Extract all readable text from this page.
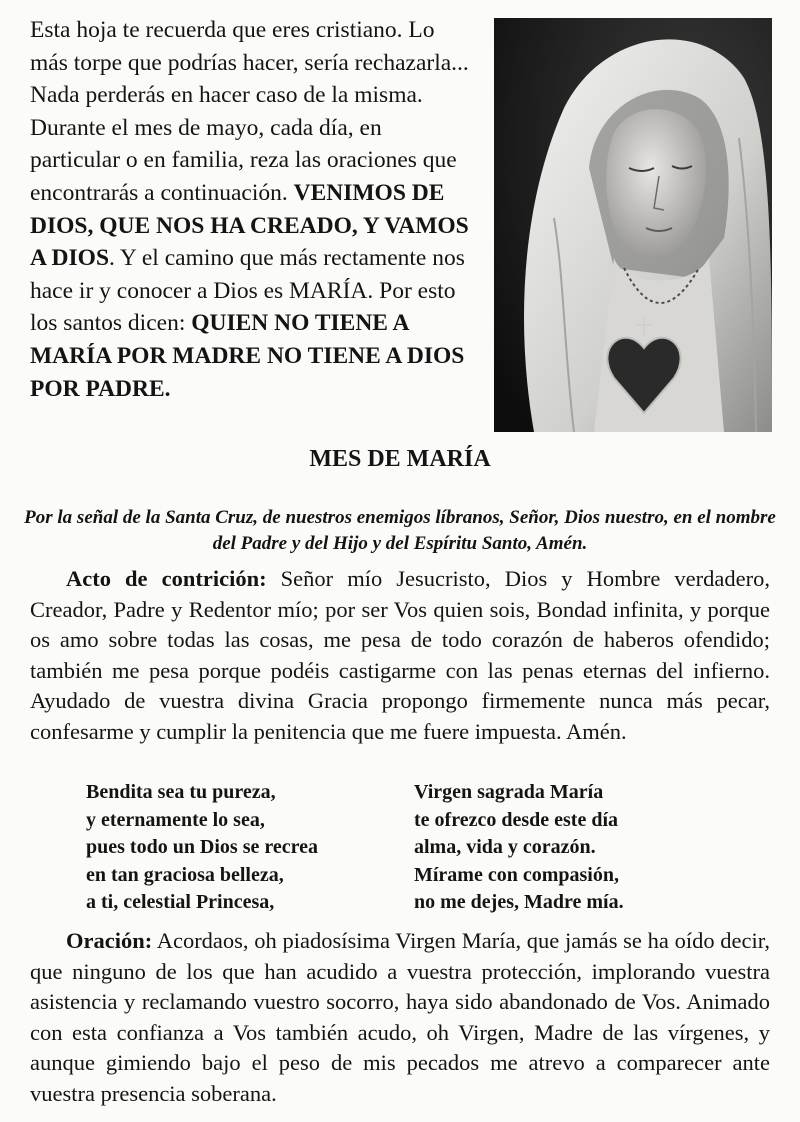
Esta hoja te recuerda que eres cristiano. Lo más torpe que podrías hacer, sería rechazarla... Nada perderás en hacer caso de la misma. Durante el mes de mayo, cada día, en particular o en familia, reza las oraciones que encontrarás a continuación. VENIMOS DE DIOS, QUE NOS HA CREADO, Y VAMOS A DIOS. Y el camino que más rectamente nos hace ir y conocer a Dios es MARÍA. Por esto los santos dicen: QUIEN NO TIENE A MARÍA POR MADRE NO TIENE A DIOS POR PADRE.

MES DE MARÍA

Por la señal de la Santa Cruz, de nuestros enemigos líbranos, Señor, Dios nuestro, en el nombre del Padre y del Hijo y del Espíritu Santo, Amén.

Acto de contrición: Señor mío Jesucristo, Dios y Hombre verdadero, Creador, Padre y Redentor mío; por ser Vos quien sois, Bondad infinita, y porque os amo sobre todas las cosas, me pesa de todo corazón de haberos ofendido; también me pesa porque podéis castigarme con las penas eternas del infierno. Ayudado de vuestra divina Gracia propongo firmemente nunca más pecar, confesarme y cumplir la penitencia que me fuere impuesta. Amén.

Bendita sea tu pureza,
y eternamente lo sea,
pues todo un Dios se recrea
en tan graciosa belleza,
a ti, celestial Princesa,
Virgen sagrada María
te ofrezco desde este día
alma, vida y corazón.
Mírame con compasión,
no me dejes, Madre mía.

Oración: Acordaos, oh piadosísima Virgen María, que jamás se ha oído decir, que ninguno de los que han acudido a vuestra protección, implorando vuestra asistencia y reclamando vuestro socorro, haya sido abandonado de Vos. Animado con esta confianza a Vos también acudo, oh Virgen, Madre de las vírgenes, y aunque gimiendo bajo el peso de mis pecados me atrevo a comparecer ante vuestra presencia soberana.
